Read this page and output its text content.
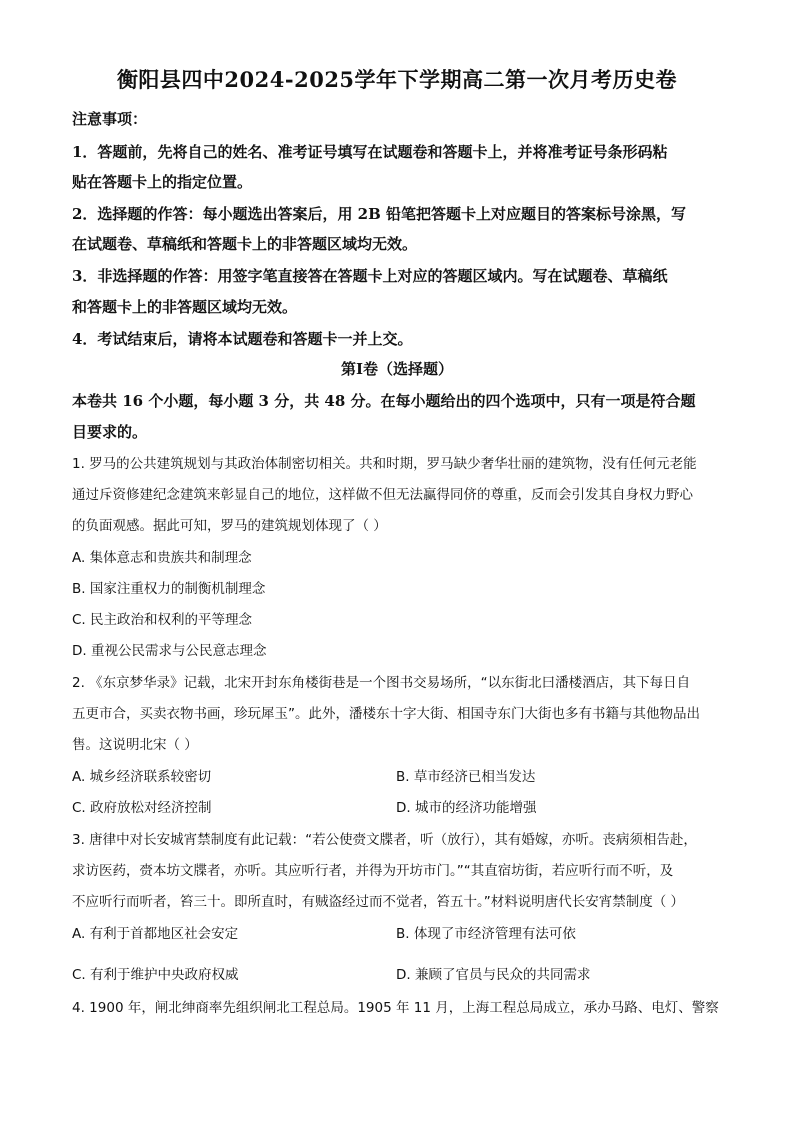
衡阳县四中2024-2025学年下学期高二第一次月考历史卷
注意事项：
1．答题前，先将自己的姓名、准考证号填写在试题卷和答题卡上，并将准考证号条形码粘
贴在答题卡上的指定位置。
2．选择题的作答：每小题选出答案后，用 2B 铅笔把答题卡上对应题目的答案标号涂黑，写
在试题卷、草稿纸和答题卡上的非答题区域均无效。
3．非选择题的作答：用签字笔直接答在答题卡上对应的答题区域内。写在试题卷、草稿纸
和答题卡上的非答题区域均无效。
4．考试结束后，请将本试题卷和答题卡一并上交。
第Ⅰ卷（选择题）
本卷共 16 个小题，每小题 3 分，共 48 分。在每小题给出的四个选项中，只有一项是符合题
目要求的。
1. 罗马的公共建筑规划与其政治体制密切相关。共和时期，罗马缺少奢华壮丽的建筑物，没有任何元老能
通过斥资修建纪念建筑来彰显自己的地位，这样做不但无法赢得同侪的尊重，反而会引发其自身权力野心
的负面观感。据此可知，罗马的建筑规划体现了（ ）
A. 集体意志和贵族共和制理念
B. 国家注重权力的制衡机制理念
C. 民主政治和权利的平等理念
D. 重视公民需求与公民意志理念
2. 《东京梦华录》记载，北宋开封东角楼街巷是一个图书交易场所，“以东街北曰潘楼酒店，其下每日自
五更市合，买卖衣物书画，珍玩犀玉”。此外，潘楼东十字大街、相国寺东门大街也多有书籍与其他物品出
售。这说明北宋（ ）
A. 城乡经济联系较密切	B. 草市经济已相当发达
C. 政府放松对经济控制	D. 城市的经济功能增强
3. 唐律中对长安城宵禁制度有此记载：“若公使赍文牒者，听（放行），其有婚嫁，亦听。丧病须相告赴，
求访医药，赍本坊文牒者，亦听。其应听行者，并得为开坊市门。”“其直宿坊街，若应听行而不听，及
不应听行而听者，笞三十。即所直时，有贼盗经过而不觉者，笞五十。”材料说明唐代长安宵禁制度（ ）
A. 有利于首都地区社会安定	B. 体现了市经济管理有法可依
C. 有利于维护中央政府权威	D. 兼顾了官员与民众的共同需求
4. 1900 年，闸北绅商率先组织闸北工程总局。1905 年 11 月，上海工程总局成立，承办马路、电灯、警察
